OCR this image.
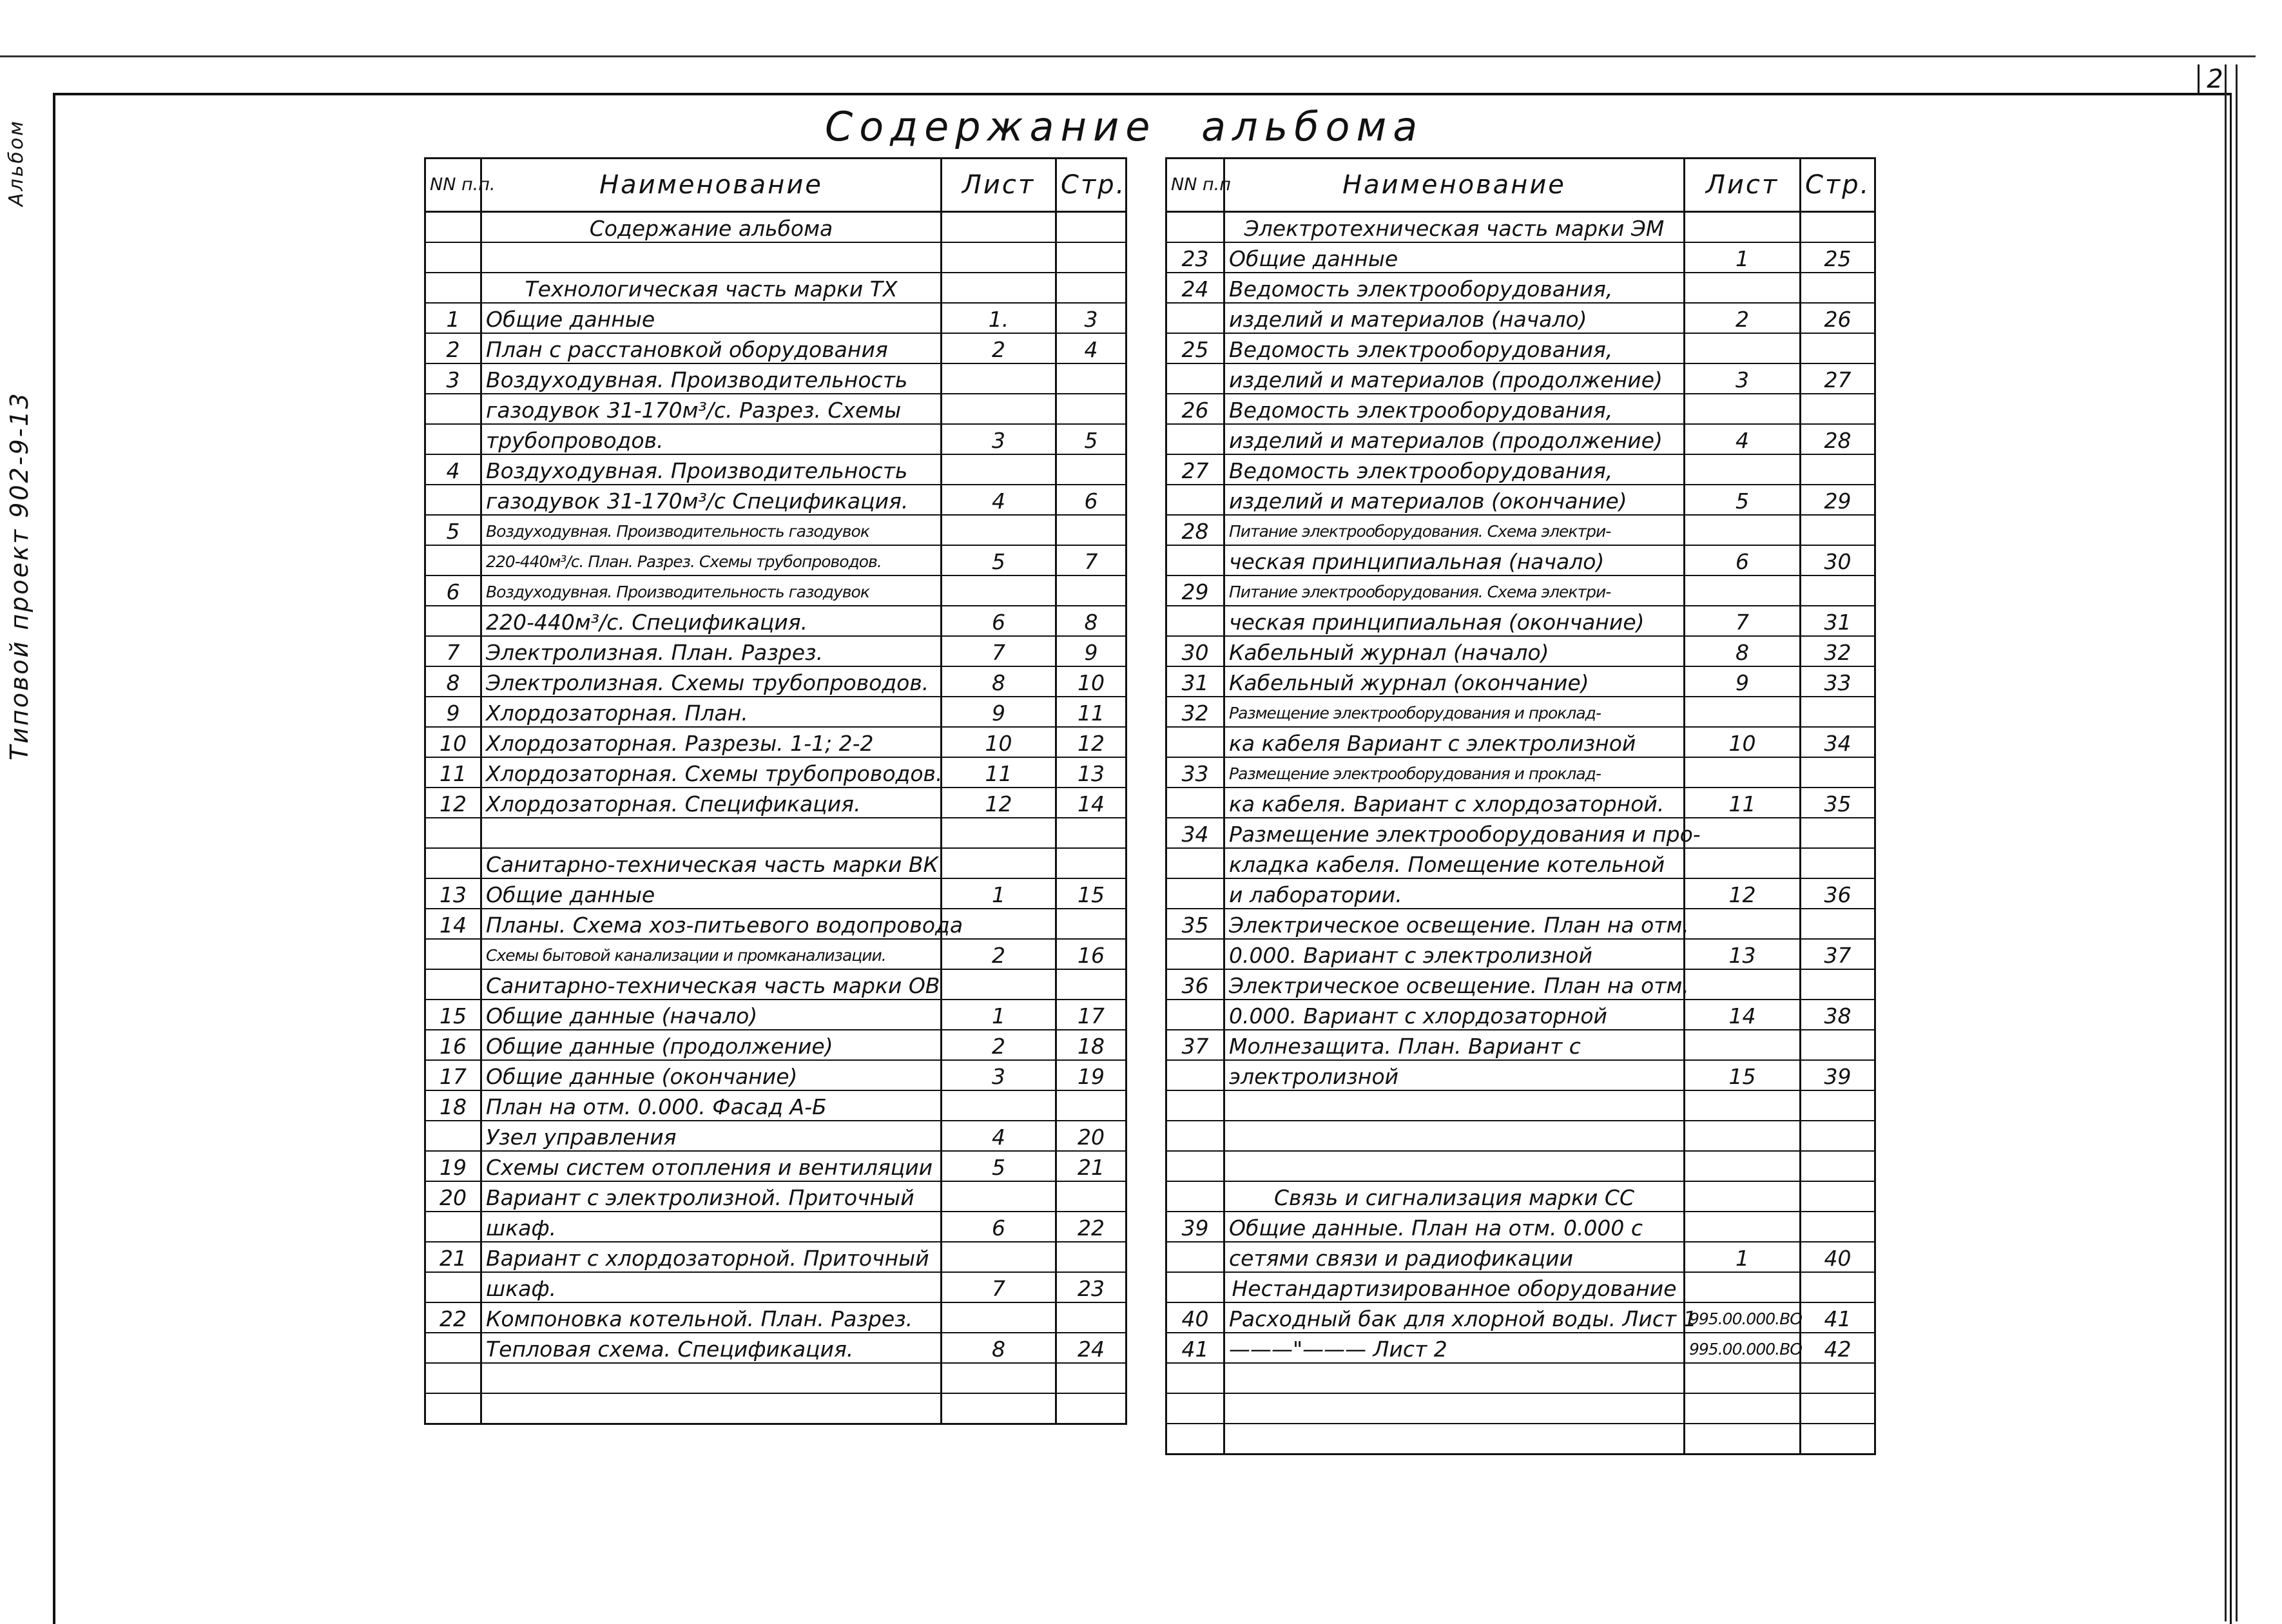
2
Типовой проект 902-9-13
Альбом	Содержание альбома
NN п.п.	Наименование	Лист	Стр.
	Содержание альбома		

	Технологическая часть марки ТХ		
1	Общие данные	1.	3
2	План с расстановкой оборудования	2	4
3	Воздуходувная. Производительность		
	газодувок 31-170м³/с. Разрез. Схемы		
	трубопроводов.	3	5
4	Воздуходувная. Производительность		
	газодувок 31-170м³/с Спецификация.	4	6
5	Воздуходувная. Производительность газодувок		
	220-440м³/с. План. Разрез. Схемы трубопроводов.	5	7
6	Воздуходувная. Производительность газодувок		
	220-440м³/с. Спецификация.	6	8
7	Электролизная. План. Разрез.	7	9
8	Электролизная. Схемы трубопроводов.	8	10
9	Хлордозаторная. План.	9	11
10	Хлордозаторная. Разрезы. 1-1; 2-2	10	12
11	Хлордозаторная. Схемы трубопроводов.	11	13
12	Хлордозаторная. Спецификация.	12	14

	Санитарно-техническая часть марки ВК		
13	Общие данные	1	15
14	Планы. Схема хоз-питьевого водопровода		
	Схемы бытовой канализации и промканализации.	2	16
	Санитарно-техническая часть марки ОВ		
15	Общие данные (начало)	1	17
16	Общие данные (продолжение)	2	18
17	Общие данные (окончание)	3	19
18	План на отм. 0.000. Фасад А-Б		
	Узел управления	4	20
19	Схемы систем отопления и вентиляции	5	21
20	Вариант с электролизной. Приточный		
	шкаф.	6	22
21	Вариант с хлордозаторной. Приточный		
	шкаф.	7	23
22	Компоновка котельной. План. Разрез.		
	Тепловая схема. Спецификация.	8	24

NN п.п	Наименование	Лист	Стр.
	Электротехническая часть марки ЭМ		
23	Общие данные	1	25
24	Ведомость электрооборудования,		
	изделий и материалов (начало)	2	26
25	Ведомость электрооборудования,		
	изделий и материалов (продолжение)	3	27
26	Ведомость электрооборудования,		
	изделий и материалов (продолжение)	4	28
27	Ведомость электрооборудования,		
	изделий и материалов (окончание)	5	29
28	Питание электрооборудования. Схема электри-		
	ческая принципиальная (начало)	6	30
29	Питание электрооборудования. Схема электри-		
	ческая принципиальная (окончание)	7	31
30	Кабельный журнал (начало)	8	32
31	Кабельный журнал (окончание)	9	33
32	Размещение электрооборудования и проклад-		
	ка кабеля Вариант с электролизной	10	34
33	Размещение электрооборудования и проклад-		
	ка кабеля. Вариант с хлордозаторной.	11	35
34	Размещение электрооборудования и про-		
	кладка кабеля. Помещение котельной		
	и лаборатории.	12	36
35	Электрическое освещение. План на отм.		
	0.000. Вариант с электролизной	13	37
36	Электрическое освещение. План на отм.		
	0.000. Вариант с хлордозаторной	14	38
37	Молнезащита. План. Вариант с		
	электролизной	15	39

	Связь и сигнализация марки СС		
39	Общие данные. План на отм. 0.000 с		
	сетями связи и радиофикации	1	40
	Нестандартизированное оборудование		
40	Расходный бак для хлорной воды. Лист 1	995.00.000.ВО	41
41	———"——— Лист 2	995.00.000.ВО	42
